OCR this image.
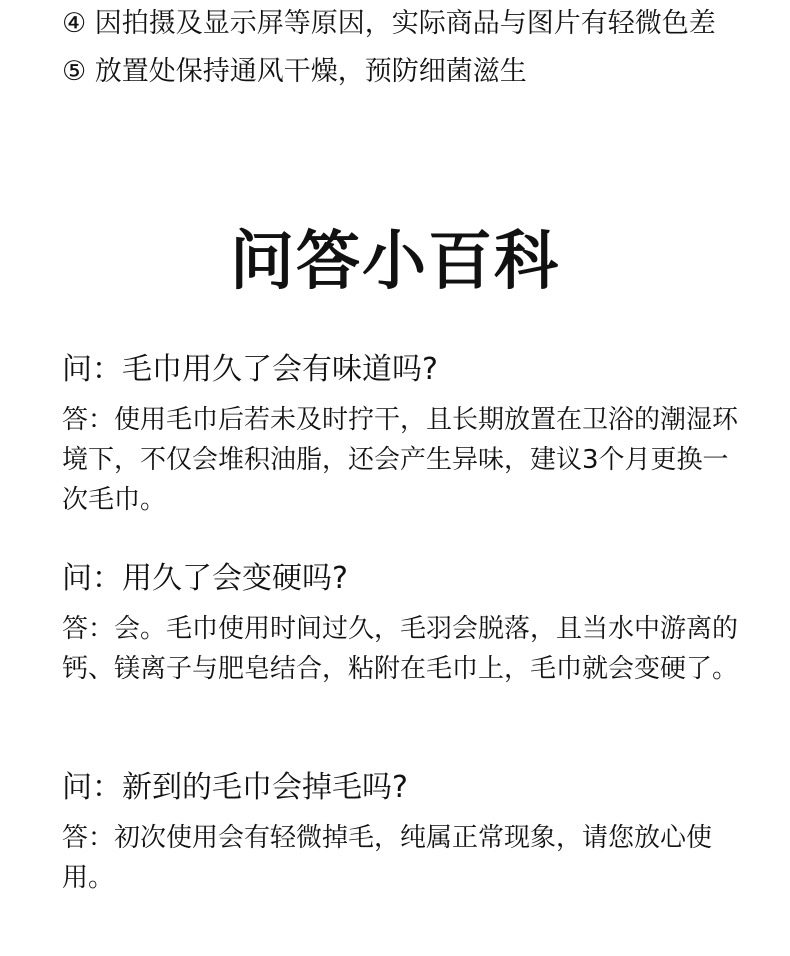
④ 因拍摄及显示屏等原因，实际商品与图片有轻微色差
⑤ 放置处保持通风干燥，预防细菌滋生
问答小百科

问：毛巾用久了会有味道吗?

答：使用毛巾后若未及时拧干，且长期放置在卫浴的潮湿环境下，不仅会堆积油脂，还会产生异味，建议3个月更换一次毛巾。

问：用久了会变硬吗?

答：会。毛巾使用时间过久，毛羽会脱落，且当水中游离的钙、镁离子与肥皂结合，粘附在毛巾上，毛巾就会变硬了。

问：新到的毛巾会掉毛吗?

答：初次使用会有轻微掉毛，纯属正常现象，请您放心使用。
